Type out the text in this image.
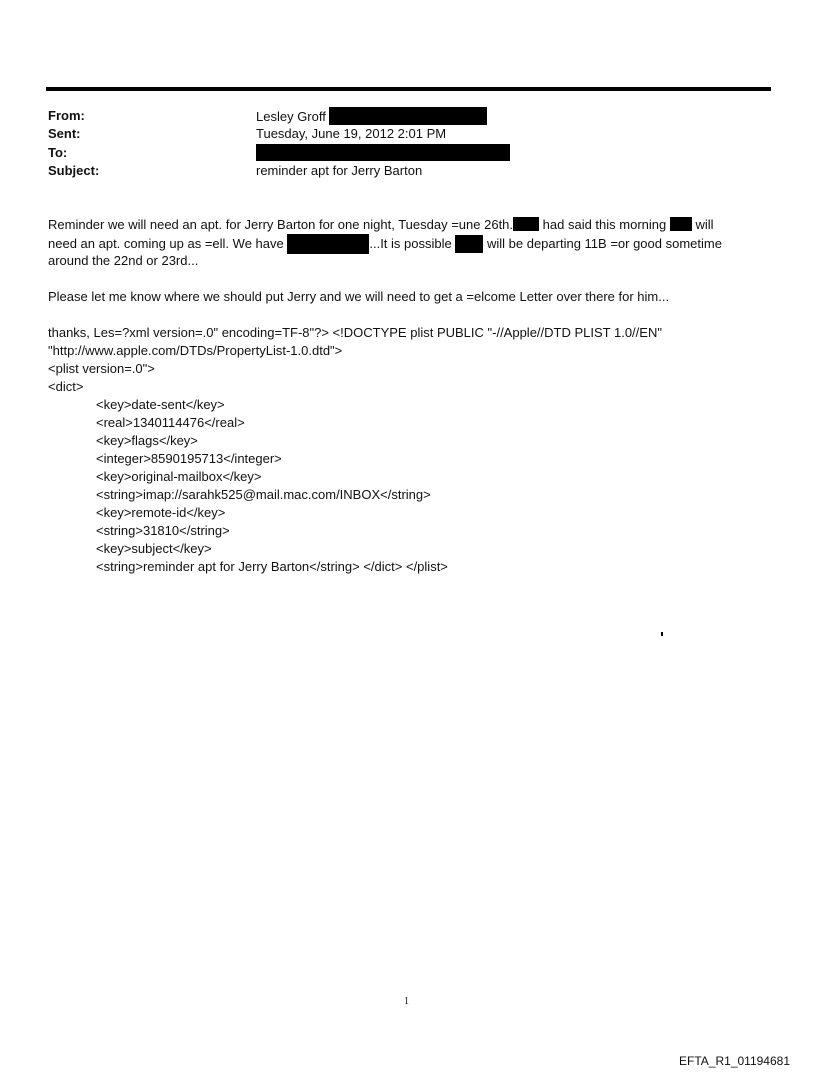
From:	Lesley Groff
Sent:	Tuesday, June 19, 2012 2:01 PM
To:
Subject:	reminder apt for Jerry Barton
Reminder we will need an apt. for Jerry Barton for one night, Tuesday =une 26th. had said this morning will
need an apt. coming up as =ell. We have	...It is possible	will be departing 11B =or good sometime
around the 22nd or 23rd...
Please let me know where we should put Jerry and we will need to get a =elcome Letter over there for him...
thanks, Les=?xml version=.0" encoding=TF-8"?> <!DOCTYPE plist PUBLIC "-//Apple//DTD PLIST 1.0//EN"
"http://www.apple.com/DTDs/PropertyList-1.0.dtd">
<plist version=.0">
<dict>
<key>date-sent</key>
<real>1340114476</real>
<key>flags</key>
<integer>8590195713</integer>
<key>original-mailbox</key>
<string>imap://sarahk525@mail.mac.com/INBOX</string>
<key>remote-id</key>
<string>31810</string>
<key>subject</key>
<string>reminder apt for Jerry Barton</string> </dict> </plist>
1
EFTA_R1_01194681
